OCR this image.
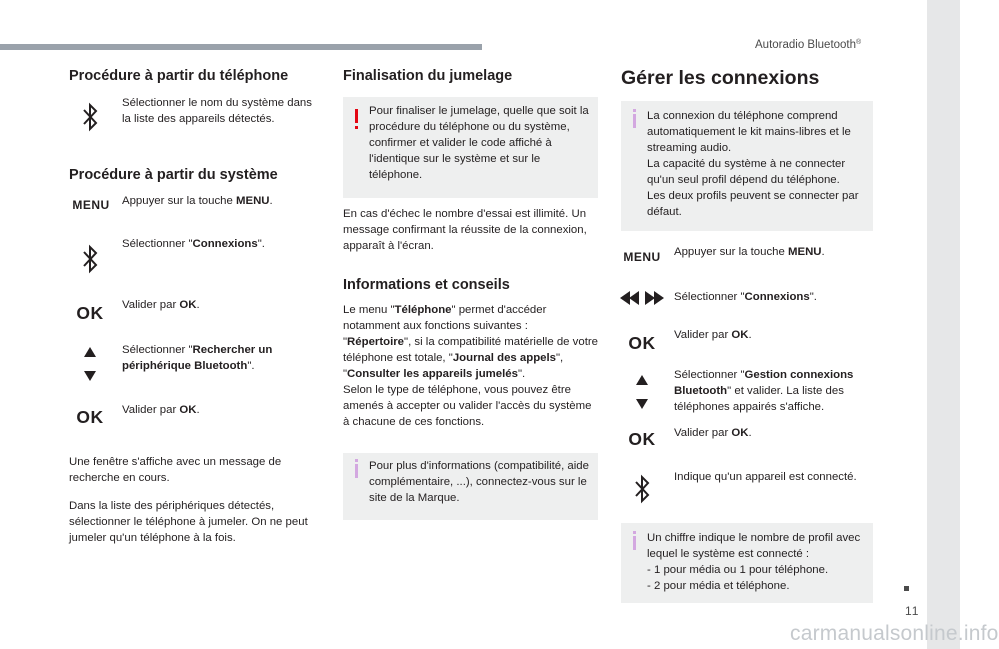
Autoradio Bluetooth®
11
carmanualsonline.info
Procédure à partir du téléphone
Sélectionner le nom du système dans la liste des appareils détectés.
Procédure à partir du système
MENU	Appuyer sur la touche MENU.
Sélectionner "Connexions".
OK	Valider par OK.
Sélectionner "Rechercher un périphérique Bluetooth".
OK	Valider par OK.
Une fenêtre s'affiche avec un message de recherche en cours.
Dans la liste des périphériques détectés, sélectionner le téléphone à jumeler. On ne peut jumeler qu'un téléphone à la fois.
Finalisation du jumelage
Pour finaliser le jumelage, quelle que soit la procédure du téléphone ou du système, confirmer et valider le code affiché à l'identique sur le système et sur le téléphone.
En cas d'échec le nombre d'essai est illimité. Un message confirmant la réussite de la connexion, apparaît à l'écran.
Informations et conseils
Le menu "Téléphone" permet d'accéder notamment aux fonctions suivantes : "Répertoire", si la compatibilité matérielle de votre téléphone est totale, "Journal des appels", "Consulter les appareils jumelés".
Selon le type de téléphone, vous pouvez être amenés à accepter ou valider l'accès du système à chacune de ces fonctions.
Pour plus d'informations (compatibilité, aide complémentaire, ...), connectez-vous sur le site de la Marque.
Gérer les connexions
La connexion du téléphone comprend automatiquement le kit mains-libres et le streaming audio.
La capacité du système à ne connecter qu'un seul profil dépend du téléphone.
Les deux profils peuvent se connecter par défaut.
MENU	Appuyer sur la touche MENU.
Sélectionner "Connexions".
OK	Valider par OK.
Sélectionner "Gestion connexions Bluetooth" et valider. La liste des téléphones appairés s'affiche.
OK	Valider par OK.
Indique qu'un appareil est connecté.
Un chiffre indique le nombre de profil avec lequel le système est connecté :
- 1 pour média ou 1 pour téléphone.
- 2 pour média et téléphone.
